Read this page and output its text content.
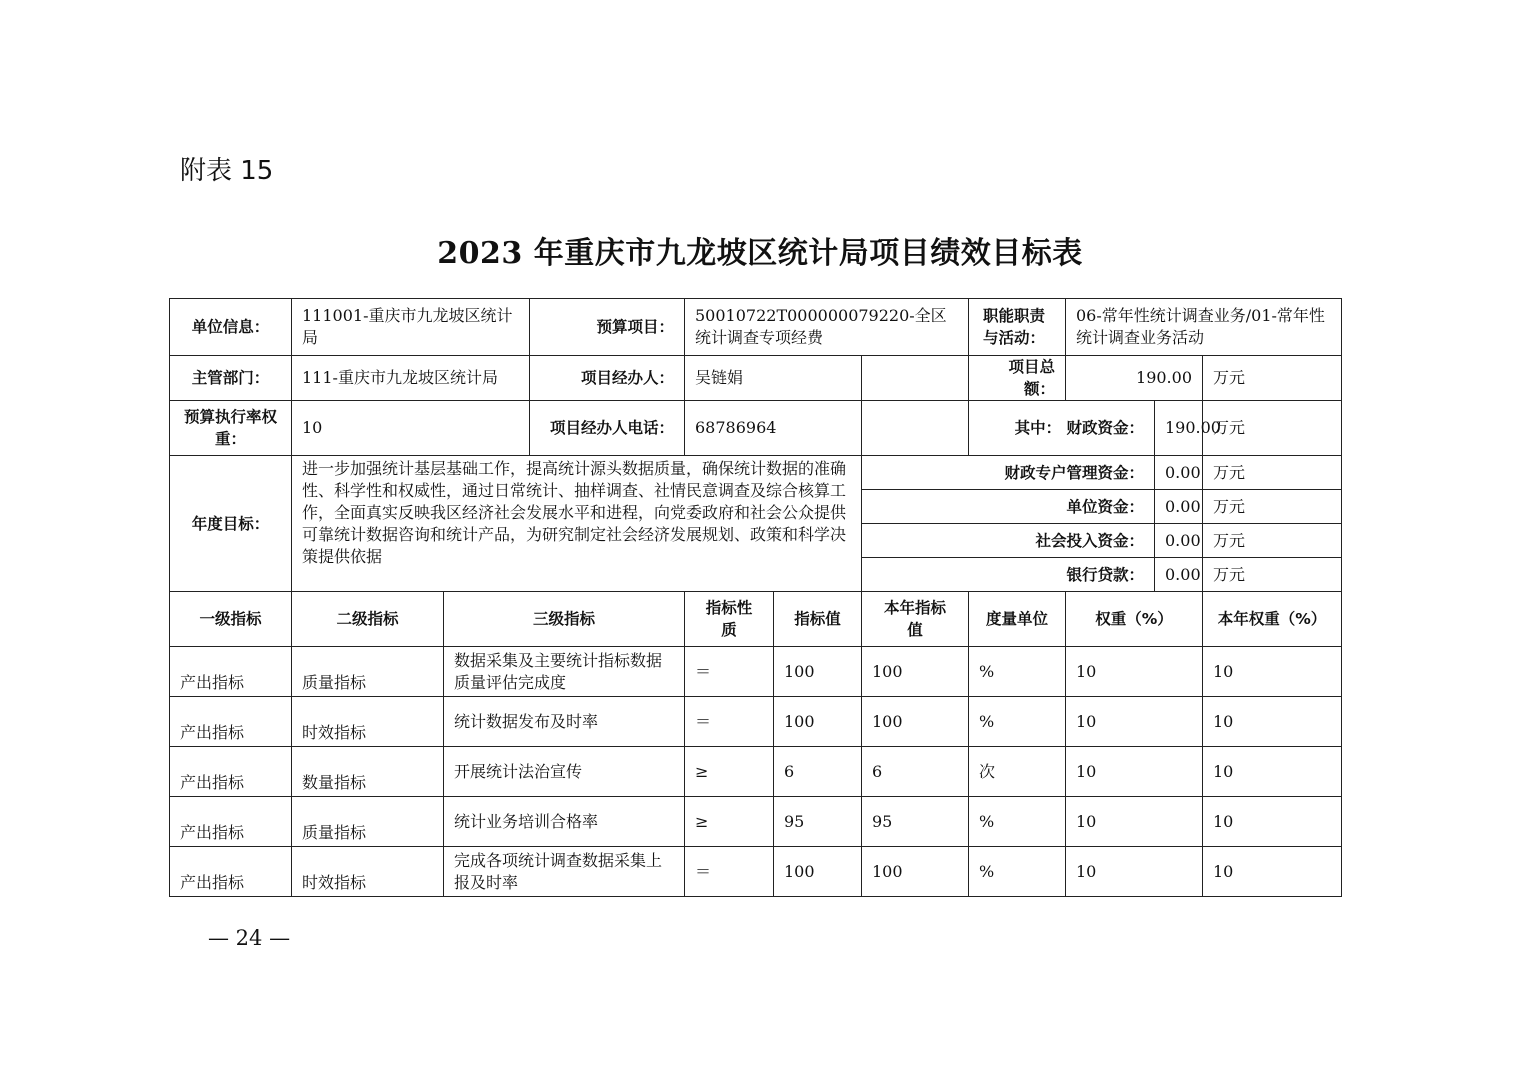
附表 15
2023 年重庆市九龙坡区统计局项目绩效目标表
单位信息：	111001-重庆市九龙坡区统计局		预算项目：	50010722T000000079220-全区统计调查专项经费			职能职责与活动：	06-常年性统计调查业务/01-常年性统计调查业务活动		
主管部门：	111-重庆市九龙坡区统计局		项目经办人：	吴链娟			项目总额：	190.00		万元
预算执行率权重：	10		项目经办人电话：	68786964			其中： 财政资金：		190.00	万元
年度目标：	进一步加强统计基层基础工作，提高统计源头数据质量，确保统计数据的准确性、科学性和权威性，通过日常统计、抽样调查、社情民意调查及综合核算工作，全面真实反映我区经济社会发展水平和进程，向党委政府和社会公众提供可靠统计数据咨询和统计产品，为研究制定社会经济发展规划、政策和科学决策提供依据					财政专户管理资金：			0.00	万元
						单位资金：			0.00	万元
						社会投入资金：			0.00	万元
						银行贷款：			0.00	万元
一级指标	二级指标	三级指标		指标性质	指标值	本年指标值	度量单位	权重（%）		本年权重（%）
产出指标	质量指标	数据采集及主要统计指标数据质量评估完成度		＝	100	100	%	10		10
产出指标	时效指标	统计数据发布及时率		＝	100	100	%	10		10
产出指标	数量指标	开展统计法治宣传		≥	6	6	次	10		10
产出指标	质量指标	统计业务培训合格率		≥	95	95	%	10		10
产出指标	时效指标	完成各项统计调查数据采集上报及时率		＝	100	100	%	10		10
— 24 —
